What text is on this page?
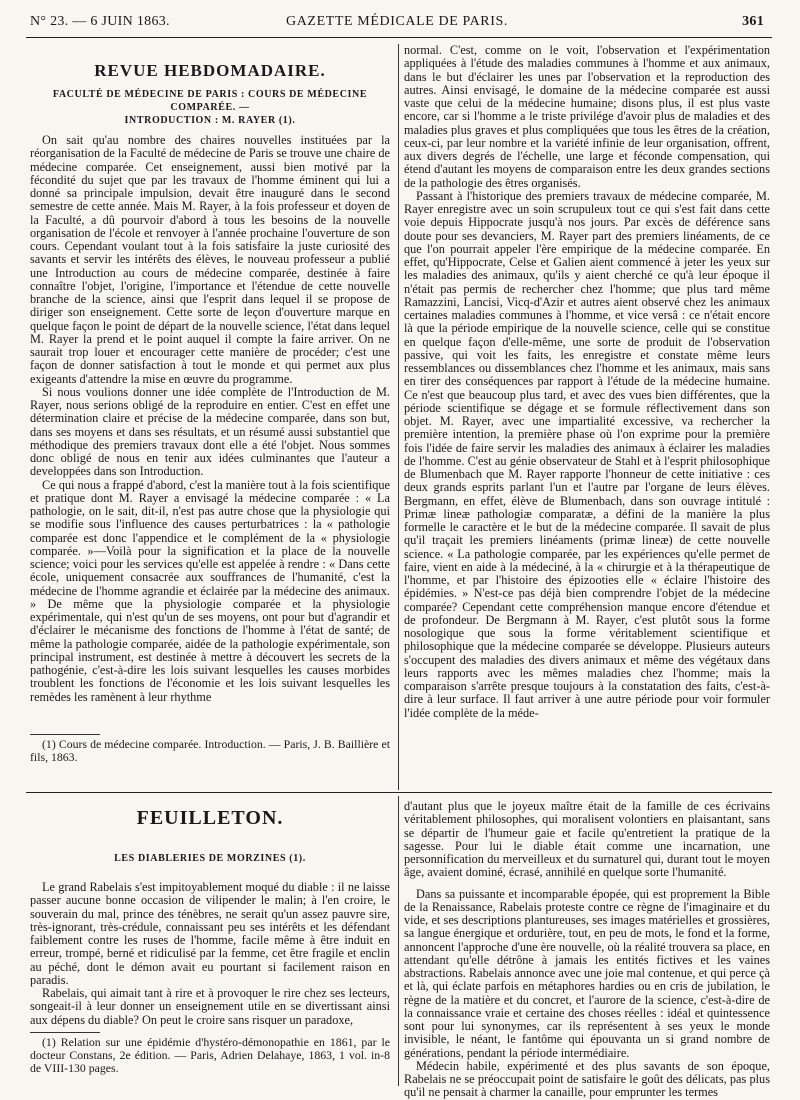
N° 23. — 6 JUIN 1863.	GAZETTE MÉDICALE DE PARIS.	361
REVUE HEBDOMADAIRE.
FACULTÉ DE MÉDECINE DE PARIS : COURS DE MÉDECINE COMPARÉE. —
INTRODUCTION : M. RAYER (1).

On sait qu'au nombre des chaires nouvelles instituées par la réorganisation de la Faculté de médecine de Paris se trouve une chaire de médecine comparée. Cet enseignement, aussi bien motivé par la fécondité du sujet que par les travaux de l'homme éminent qui lui a donné sa principale impulsion, devait être inauguré dans le second semestre de cette année. Mais M. Rayer, à la fois professeur et doyen de la Faculté, a dû pourvoir d'abord à tous les besoins de la nouvelle organisation de l'école et renvoyer à l'année prochaine l'ouverture de son cours. Cependant voulant tout à la fois satisfaire la juste curiosité des savants et servir les intérêts des élèves, le nouveau professeur a publié une Introduction au cours de médecine comparée, destinée à faire connaître l'objet, l'origine, l'importance et l'étendue de cette nouvelle branche de la science, ainsi que l'esprit dans lequel il se propose de diriger son enseignement. Cette sorte de leçon d'ouverture marque en quelque façon le point de départ de la nouvelle science, l'état dans lequel M. Rayer la prend et le point auquel il compte la faire arriver. On ne saurait trop louer et encourager cette manière de procéder; c'est une façon de donner satisfaction à tout le monde et qui permet aux plus exigeants d'attendre la mise en œuvre du programme.

Si nous voulions donner une idée complète de l'Introduction de M. Rayer, nous serions obligé de la reproduire en entier. C'est en effet une détermination claire et précise de la médecine comparée, dans son but, dans ses moyens et dans ses résultats, et un résumé aussi substantiel que méthodique des premiers travaux dont elle a été l'objet. Nous sommes donc obligé de nous en tenir aux idées culminantes que l'auteur a developpées dans son Introduction.

Ce qui nous a frappé d'abord, c'est la manière tout à la fois scientifique et pratique dont M. Rayer a envisagé la médecine comparée : « La pathologie, on le sait, dit-il, n'est pas autre chose que la physiologie qui se modifie sous l'influence des causes perturbatrices : la « pathologie comparée est donc l'appendice et le complément de la « physiologie comparée. »—Voilà pour la signification et la place de la nouvelle science; voici pour les services qu'elle est appelée à rendre : « Dans cette école, uniquement consacrée aux souffrances de l'humanité, c'est la médecine de l'homme agrandie et éclairée par la médecine des animaux. » De même que la physiologie comparée et la physiologie expérimentale, qui n'est qu'un de ses moyens, ont pour but d'agrandir et d'éclairer le mécanisme des fonctions de l'homme à l'état de santé; de même la pathologie comparée, aidée de la pathologie expérimentale, son principal instrument, est destinée à mettre à découvert les secrets de la pathogénie, c'est-à-dire les lois suivant lesquelles les causes morbides troublent les fonctions de l'économie et les lois suivant lesquelles les remèdes les ramènent à leur rhythme

normal. C'est, comme on le voit, l'observation et l'expérimentation appliquées à l'étude des maladies communes à l'homme et aux animaux, dans le but d'éclairer les unes par l'observation et la reproduction des autres. Ainsi envisagé, le domaine de la médecine comparée est aussi vaste que celui de la médecine humaine; disons plus, il est plus vaste encore, car si l'homme a le triste privilége d'avoir plus de maladies et des maladies plus graves et plus compliquées que tous les êtres de la création, ceux-ci, par leur nombre et la variété infinie de leur organisation, offrent, aux divers degrés de l'échelle, une large et féconde compensation, qui étend d'autant les moyens de comparaison entre les deux grandes sections de la pathologie des êtres organisés.

Passant à l'historique des premiers travaux de médecine comparée, M. Rayer enregistre avec un soin scrupuleux tout ce qui s'est fait dans cette voie depuis Hippocrate jusqu'à nos jours. Par excès de déférence sans doute pour ses devanciers, M. Rayer part des premiers linéaments, de ce que l'on pourrait appeler l'ère empirique de la médecine comparée. En effet, qu'Hippocrate, Celse et Galien aient commencé à jeter les yeux sur les maladies des animaux, qu'ils y aient cherché ce qu'à leur époque il n'était pas permis de rechercher chez l'homme; que plus tard même Ramazzini, Lancisi, Vicq-d'Azir et autres aient observé chez les animaux certaines maladies communes à l'homme, et vice versâ : ce n'était encore là que la période empirique de la nouvelle science, celle qui se constitue en quelque façon d'elle-même, une sorte de produit de l'observation passive, qui voit les faits, les enregistre et constate même leurs ressemblances ou dissemblances chez l'homme et les animaux, mais sans en tirer des conséquences par rapport à l'étude de la médecine humaine. Ce n'est que beaucoup plus tard, et avec des vues bien différentes, que la période scientifique se dégage et se formule réflectivement dans son objet. M. Rayer, avec une impartialité excessive, va rechercher la première intention, la première phase où l'on exprime pour la première fois l'idée de faire servir les maladies des animaux à éclairer les maladies de l'homme. C'est au génie observateur de Stahl et à l'esprit philosophique de Blumenbach que M. Rayer rapporte l'honneur de cette initiative : ces deux grands esprits parlant l'un et l'autre par l'organe de leurs élèves. Bergmann, en effet, élève de Blumenbach, dans son ouvrage intitulé : Primæ lineæ pathologiæ comparatæ, a défini de la manière la plus formelle le caractère et le but de la médecine comparée. Il savait de plus qu'il traçait les premiers linéaments (primæ lineæ) de cette nouvelle science. « La pathologie comparée, par les expériences qu'elle permet de faire, vient en aide à la médeciné, à la « chirurgie et à la thérapeutique de l'homme, et par l'histoire des épizooties elle « éclaire l'histoire des épidémies. » N'est-ce pas déjà bien comprendre l'objet de la médecine comparée? Cependant cette compréhension manque encore d'étendue et de profondeur. De Bergmann à M. Rayer, c'est plutôt sous la forme nosologique que sous la forme véritablement scientifique et philosophique que la médecine comparée se développe. Plusieurs auteurs s'occupent des maladies des divers animaux et même des végétaux dans leurs rapports avec les mêmes maladies chez l'homme; mais la comparaison s'arrête presque toujours à la constatation des faits, c'est-à-dire à leur surface. Il faut arriver à une autre période pour voir formuler l'idée complète de la méde-

(1) Cours de médecine comparée. Introduction. — Paris, J. B. Baillière et fils, 1863.

FEUILLETON.
LES DIABLERIES DE MORZINES (1).

Le grand Rabelais s'est impitoyablement moqué du diable : il ne laisse passer aucune bonne occasion de vilipender le malin; à l'en croire, le souverain du mal, prince des ténèbres, ne serait qu'un assez pauvre sire, très-ignorant, très-crédule, connaissant peu ses intérêts et les défendant faiblement contre les ruses de l'homme, facile même à être induit en erreur, trompé, berné et ridiculisé par la femme, cet être fragile et enclin au péché, dont le démon avait eu pourtant si facilement raison en paradis.

Rabelais, qui aimait tant à rire et à provoquer le rire chez ses lecteurs, songeait-il à leur donner un enseignement utile en se divertissant ainsi aux dépens du diable? On peut le croire sans risquer un paradoxe,

(1) Relation sur une épidémie d'hystéro-démonopathie en 1861, par le docteur Constans, 2e édition. — Paris, Adrien Delahaye, 1863, 1 vol. in-8 de VIII-130 pages.

d'autant plus que le joyeux maître était de la famille de ces écrivains véritablement philosophes, qui moralisent volontiers en plaisantant, sans se départir de l'humeur gaie et facile qu'entretient la pratique de la sagesse. Pour lui le diable était comme une incarnation, une personnification du merveilleux et du surnaturel qui, durant tout le moyen âge, avaient dominé, écrasé, annihilé en quelque sorte l'humanité.

Dans sa puissante et incomparable épopée, qui est proprement la Bible de la Renaissance, Rabelais proteste contre ce règne de l'imaginaire et du vide, et ses descriptions plantureuses, ses images matérielles et grossières, sa langue énergique et ordurière, tout, en peu de mots, le fond et la forme, annoncent l'approche d'une ère nouvelle, où la réalité trouvera sa place, en attendant qu'elle détrône à jamais les entités fictives et les vaines abstractions. Rabelais annonce avec une joie mal contenue, et qui perce çà et là, qui éclate parfois en métaphores hardies ou en cris de jubilation, le règne de la matière et du concret, et l'aurore de la science, c'est-à-dire de la connaissance vraie et certaine des choses réelles : idéal et quintessence sont pour lui synonymes, car ils représentent à ses yeux le monde invisible, le néant, le fantôme qui épouvanta un si grand nombre de générations, pendant la période intermédiaire.

Médecin habile, expérimenté et des plus savants de son époque, Rabelais ne se préoccupait point de satisfaire le goût des délicats, pas plus qu'il ne pensait à charmer la canaille, pour emprunter les termes
